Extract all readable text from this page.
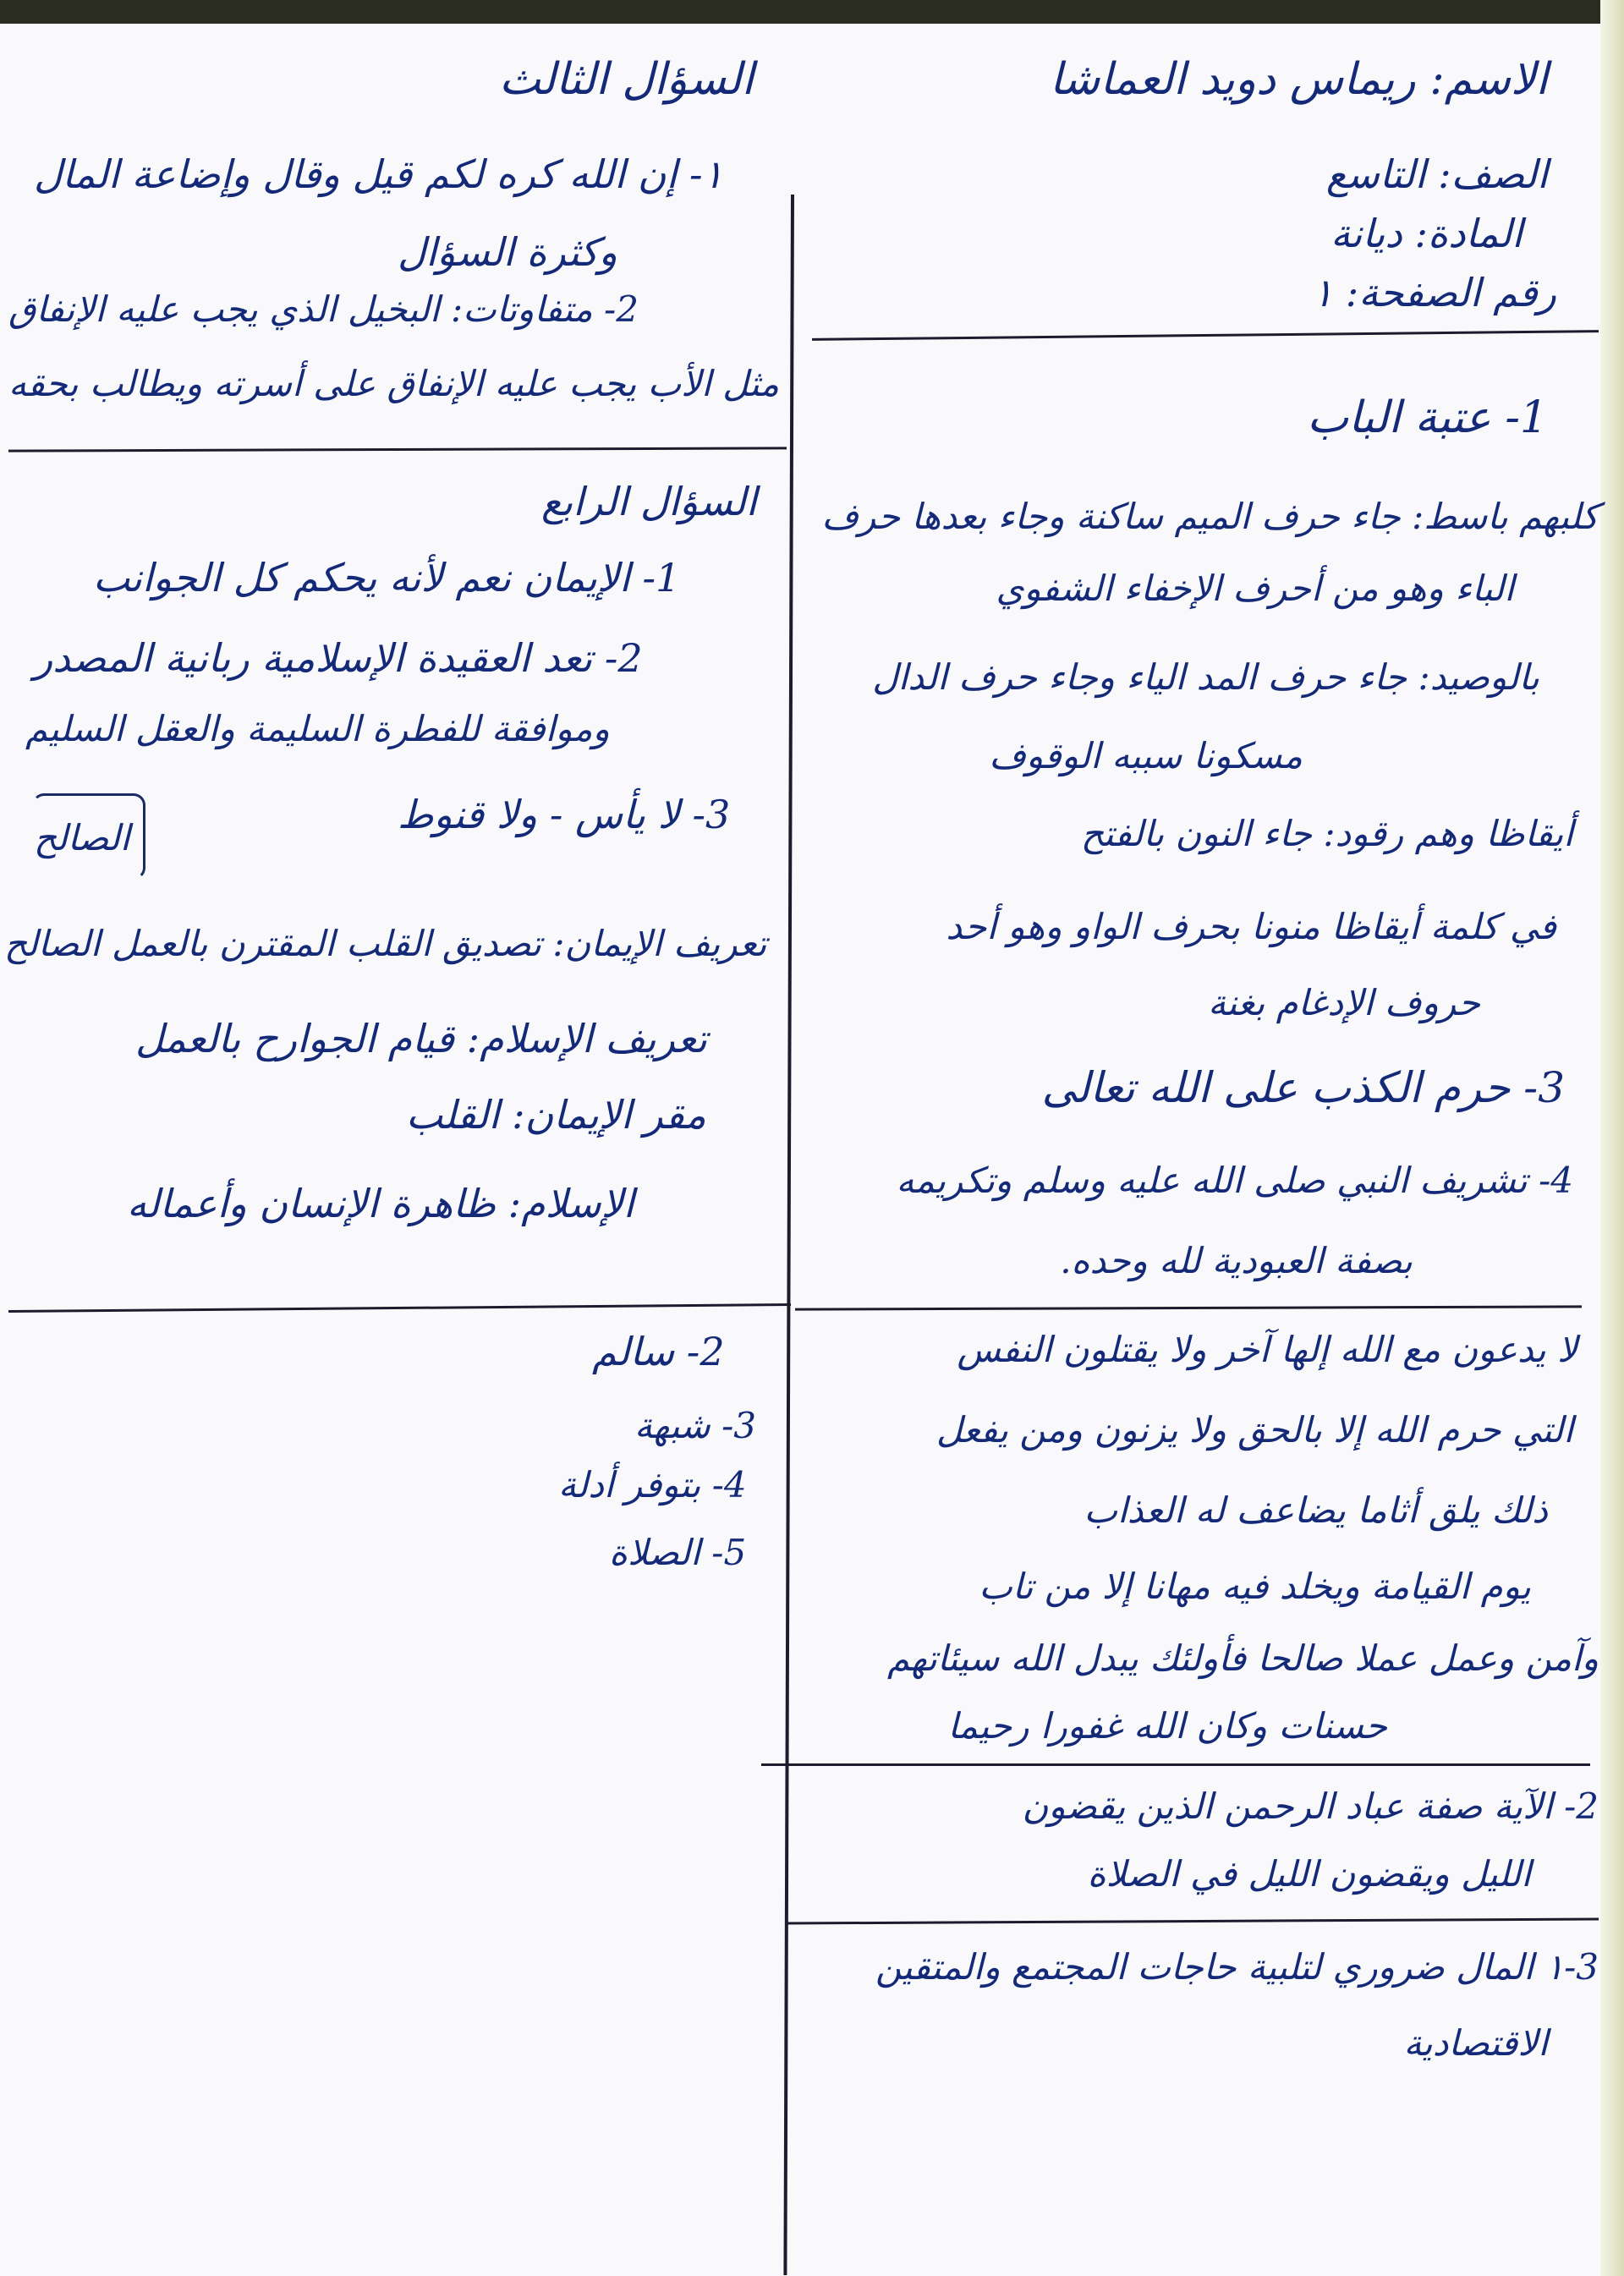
الاسم: ريماس دويد العماشا
الصف: التاسع
المادة: ديانة
رقم الصفحة: ١
السؤال الثالث
١- إن الله كره لكم قيل وقال وإضاعة المال
وكثرة السؤال
2- متفاوتات: البخيل الذي يجب عليه الإنفاق
مثل الأب يجب عليه الإنفاق على أسرته ويطالب بحقه
السؤال الرابع
1- الإيمان نعم لأنه يحكم كل الجوانب
2- تعد العقيدة الإسلامية ربانية المصدر
وموافقة للفطرة السليمة والعقل السليم
3- لا يأس - ولا قنوط
الصالح
تعريف الإيمان: تصديق القلب المقترن بالعمل الصالح
تعريف الإسلام: قيام الجوارح بالعمل
مقر الإيمان: القلب
الإسلام: ظاهرة الإنسان وأعماله
2- سالم
3- شبهة
4- بتوفر أدلة
5- الصلاة
1- عتبة الباب
كلبهم باسط: جاء حرف الميم ساكنة وجاء بعدها حرف
الباء وهو من أحرف الإخفاء الشفوي
بالوصيد: جاء حرف المد الياء وجاء حرف الدال
مسكونا سببه الوقوف
أيقاظا وهم رقود: جاء النون بالفتح
في كلمة أيقاظا منونا بحرف الواو وهو أحد
حروف الإدغام بغنة
3- حرم الكذب على الله تعالى
4- تشريف النبي صلى الله عليه وسلم وتكريمه
بصفة العبودية لله وحده.
لا يدعون مع الله إلها آخر ولا يقتلون النفس
التي حرم الله إلا بالحق ولا يزنون ومن يفعل
ذلك يلق أثاما يضاعف له العذاب
يوم القيامة ويخلد فيه مهانا إلا من تاب
وآمن وعمل عملا صالحا فأولئك يبدل الله سيئاتهم
حسنات وكان الله غفورا رحيما
2- الآية صفة عباد الرحمن الذين يقضون
الليل ويقضون الليل في الصلاة
3-١ المال ضروري لتلبية حاجات المجتمع والمتقين
الاقتصادية
